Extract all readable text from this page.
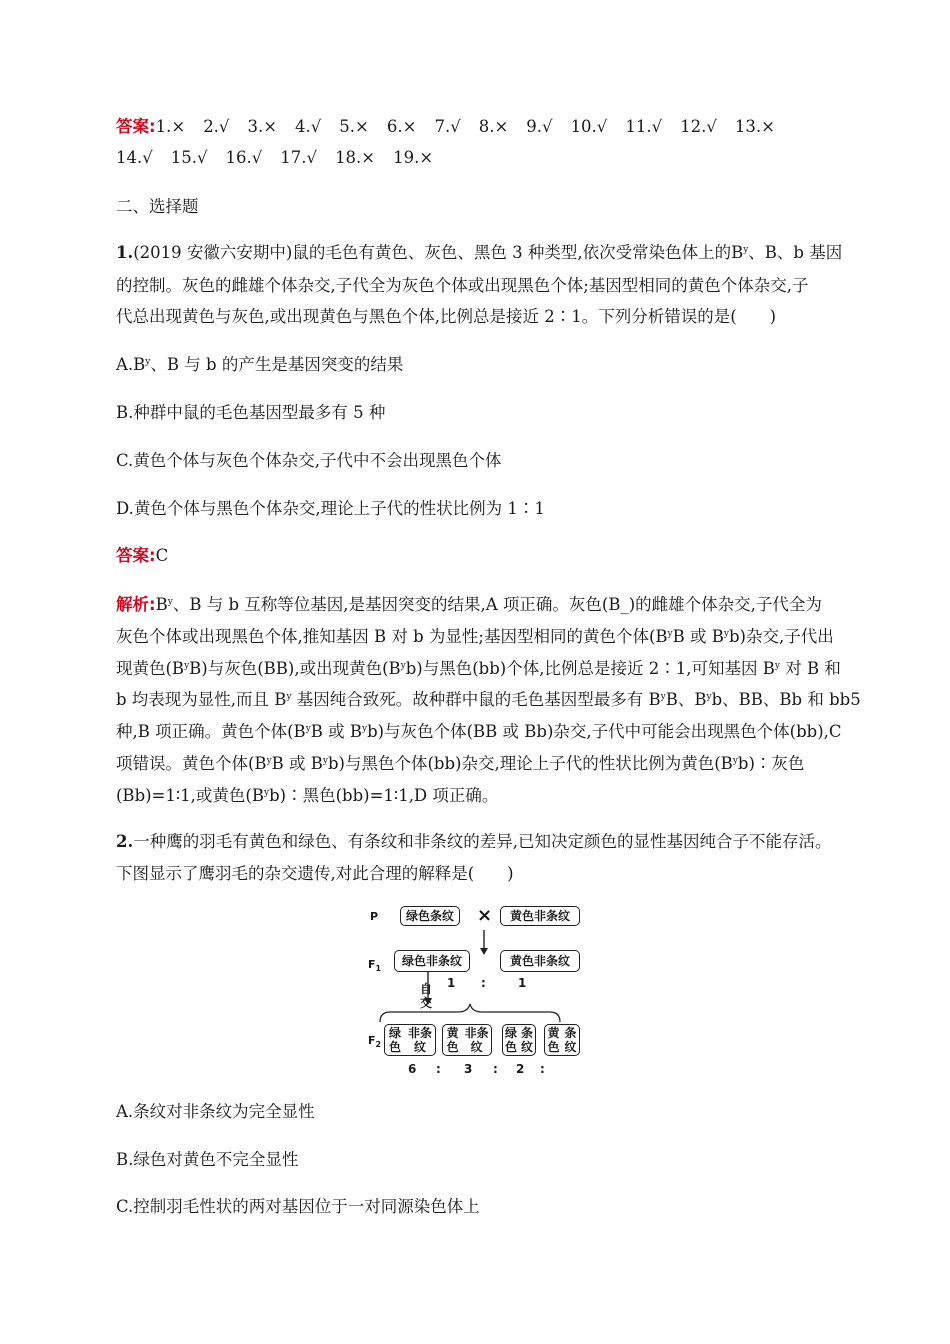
答案:1.× 2.√ 3.× 4.√ 5.× 6.× 7.√ 8.× 9.√ 10.√ 11.√ 12.√ 13.×
14.√ 15.√ 16.√ 17.√ 18.× 19.×
二、选择题
1.(2019 安徽六安期中)鼠的毛色有黄色、灰色、黑色 3 种类型,依次受常染色体上的$B^y$、B、b 基因
的控制。灰色的雌雄个体杂交,子代全为灰色个体或出现黑色个体;基因型相同的黄色个体杂交,子
代总出现黄色与灰色,或出现黄色与黑色个体,比例总是接近 2∶1。下列分析错误的是(　　)
$A.B^y$、B 与 b 的产生是基因突变的结果
B.种群中鼠的毛色基因型最多有 5 种
C.黄色个体与灰色个体杂交,子代中不会出现黑色个体
D.黄色个体与黑色个体杂交,理论上子代的性状比例为 1∶1
答案:C
解析$:B^y$、B 与 b 互称等位基因,是基因突变的结果,A 项正确。灰色(B_)的雌雄个体杂交,子代全为
灰色个体或出现黑色个体,推知基因 B 对 b 为显性;基因型相同的黄色个体($B^yB$ 或 $B^yb$)杂交,子代出
现黄色$(B^yB)$与灰色(BB),或出现黄色$(B^yb)$与黑色(bb)个体,比例总是接近 2∶1,可知基因 $B^y$ 对 B 和
b 均表现为显性,而且 $B^y$ 基因纯合致死。故种群中鼠的毛色基因型最多有 $B^yB$、$B^yb$、BB、Bb 和 bb5
种,B 项正确。黄色个体($B^yB$ 或 $B^yb$)与灰色个体(BB 或 Bb)杂交,子代中可能会出现黑色个体(bb),C
项错误。黄色个体($B^yB$ 或 $B^yb$)与黑色个体(bb)杂交,理论上子代的性状比例为黄色$(B^yb)∶$灰色
(Bb)=1∶1,或黄色$(B^yb)∶$黑色(bb)=1∶1,D 项正确。
2.一种鹰的羽毛有黄色和绿色、有条纹和非条纹的差异,已知决定颜色的显性基因纯合子不能存活。
下图显示了鹰羽毛的杂交遗传,对此合理的解释是(　　)
P	绿色条纹	×	黄色非条纹
$F_1$
绿色非条纹	黄色非条纹
1 :	1
自
交
$F_2$
绿色

非条纹
黄色

非条纹
绿色

条纹
黄色

条纹
6 : 3 : 2 :
A.条纹对非条纹为完全显性
B.绿色对黄色不完全显性
C.控制羽毛性状的两对基因位于一对同源染色体上
